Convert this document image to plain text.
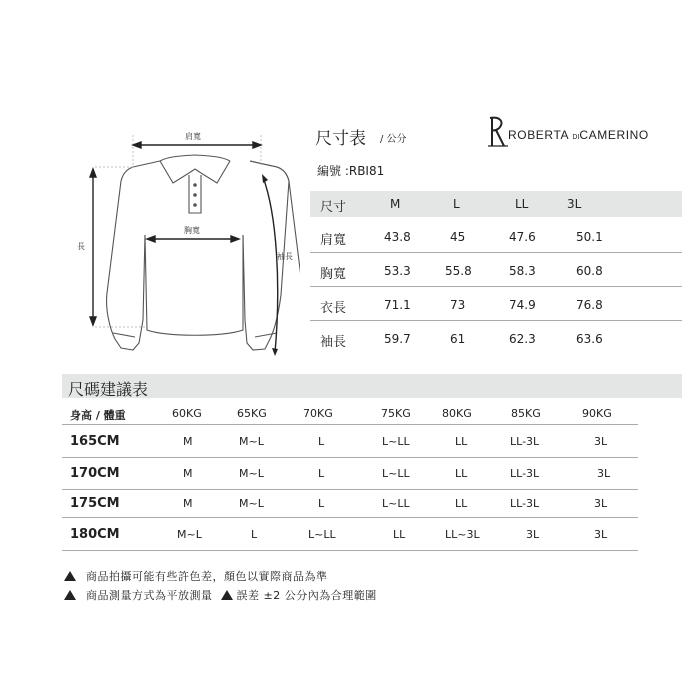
肩寬
胸寬
長
袖長
尺寸表 / 公分
編號 :RBI81
ROBERTA DICAMERINO
尺寸	M	L	LL	3L
肩寬	43.8	45	47.6	50.1
胸寬	53.3	55.8	58.3	60.8
衣長	71.1	73	74.9	76.8
袖長	59.7	61	62.3	63.6
尺碼建議表
身高 / 體重	60KG	65KG	70KG	75KG	80KG	85KG	90KG
165CM	M	M~L	L	L~LL	LL	LL-3L	3L
170CM	M	M~L	L	L~LL	LL	LL-3L	3L
175CM	M	M~L	L	L~LL	LL	LL-3L	3L
180CM	M~L	L	L~LL	LL	LL~3L	3L	3L
商品拍攝可能有些許色差，顏色以實際商品為準
商品測量方式為平放測量 誤差 ±2 公分內為合理範圍
